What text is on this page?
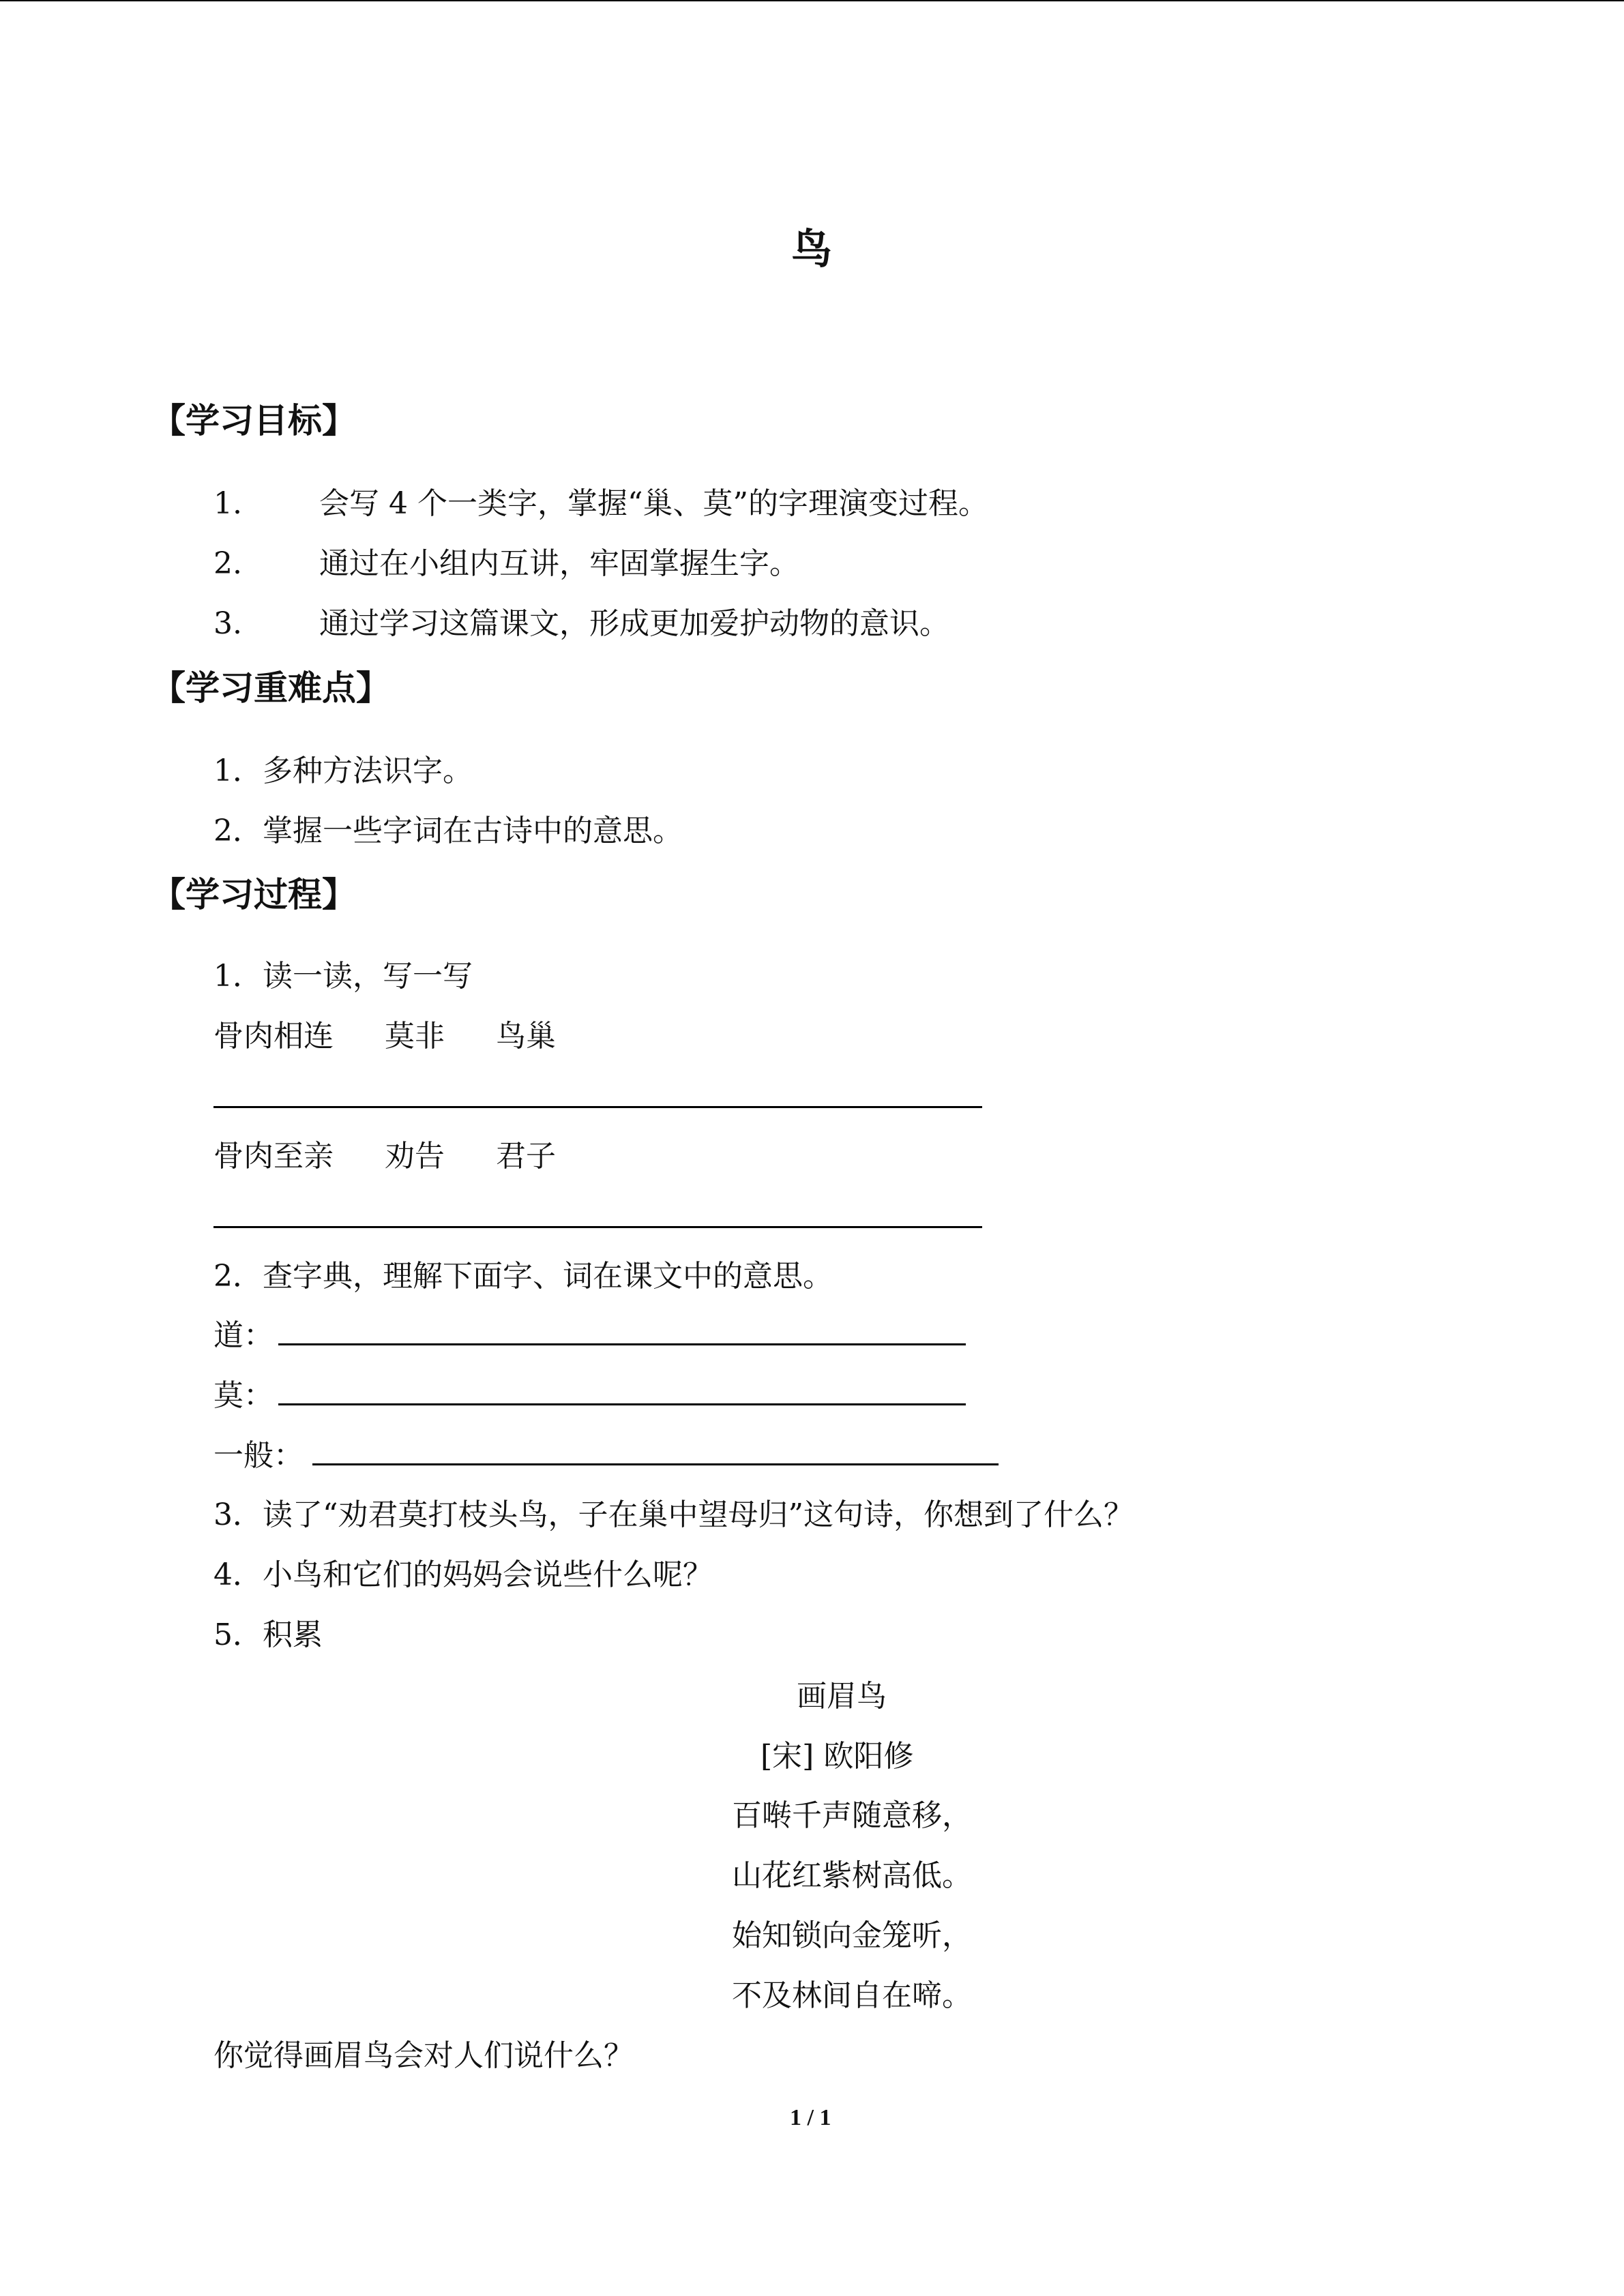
鸟
【学习目标】
1.	会写 4 个一类字，掌握“巢、莫”的字理演变过程。
2.	通过在小组内互讲，牢固掌握生字。
3.	通过学习这篇课文，形成更加爱护动物的意识。
【学习重难点】
1．多种方法识字。
2．掌握一些字词在古诗中的意思。
【学习过程】
1．读一读，写一写
骨肉相连 莫非 鸟巢
骨肉至亲 劝告 君子
2．查字典，理解下面字、词在课文中的意思。
道：
莫：
一般：
3．读了“劝君莫打枝头鸟，子在巢中望母归”这句诗，你想到了什么？
4．小鸟和它们的妈妈会说些什么呢？
5．积累
画眉鸟
[宋] 欧阳修
百啭千声随意移，
山花红紫树高低。
始知锁向金笼听，
不及林间自在啼。
你觉得画眉鸟会对人们说什么？
1 / 1
